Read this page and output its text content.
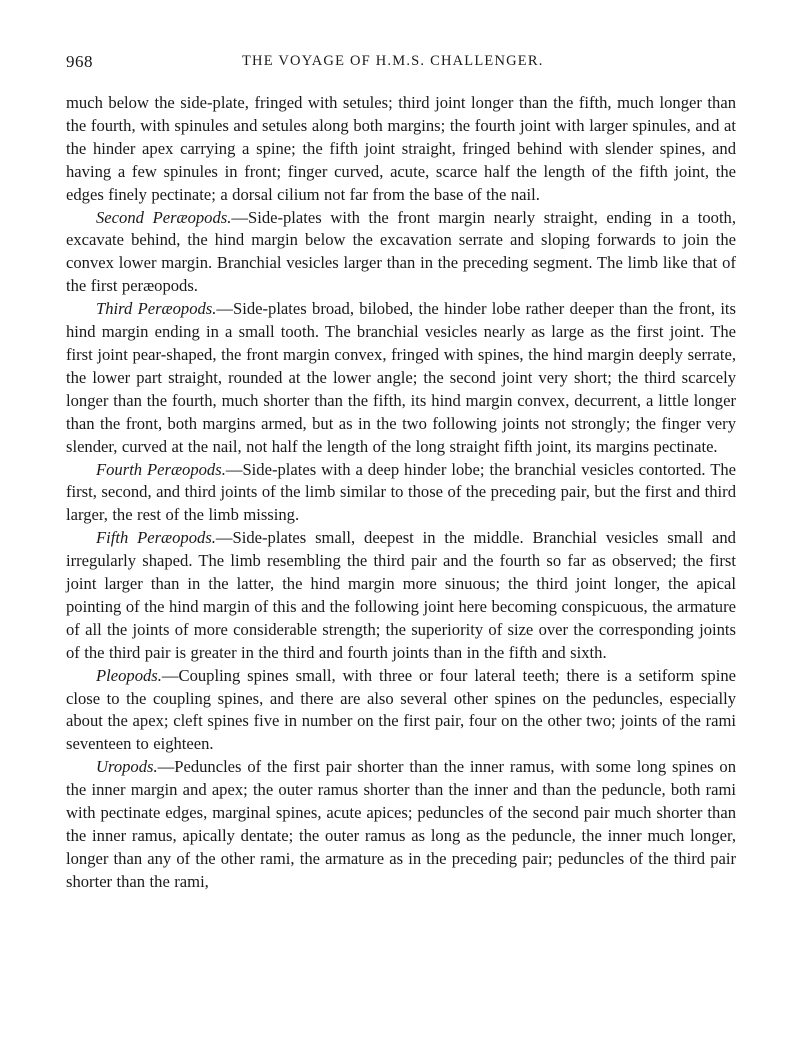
968	THE VOYAGE OF H.M.S. CHALLENGER.

much below the side-plate, fringed with setules; third joint longer than the fifth, much longer than the fourth, with spinules and setules along both margins; the fourth joint with larger spinules, and at the hinder apex carrying a spine; the fifth joint straight, fringed behind with slender spines, and having a few spinules in front; finger curved, acute, scarce half the length of the fifth joint, the edges finely pectinate; a dorsal cilium not far from the base of the nail.

Second Peræopods.—Side-plates with the front margin nearly straight, ending in a tooth, excavate behind, the hind margin below the excavation serrate and sloping forwards to join the convex lower margin. Branchial vesicles larger than in the preceding segment. The limb like that of the first peræopods.

Third Peræopods.—Side-plates broad, bilobed, the hinder lobe rather deeper than the front, its hind margin ending in a small tooth. The branchial vesicles nearly as large as the first joint. The first joint pear-shaped, the front margin convex, fringed with spines, the hind margin deeply serrate, the lower part straight, rounded at the lower angle; the second joint very short; the third scarcely longer than the fourth, much shorter than the fifth, its hind margin convex, decurrent, a little longer than the front, both margins armed, but as in the two following joints not strongly; the finger very slender, curved at the nail, not half the length of the long straight fifth joint, its margins pectinate.

Fourth Peræopods.—Side-plates with a deep hinder lobe; the branchial vesicles contorted. The first, second, and third joints of the limb similar to those of the preceding pair, but the first and third larger, the rest of the limb missing.

Fifth Peræopods.—Side-plates small, deepest in the middle. Branchial vesicles small and irregularly shaped. The limb resembling the third pair and the fourth so far as observed; the first joint larger than in the latter, the hind margin more sinuous; the third joint longer, the apical pointing of the hind margin of this and the following joint here becoming conspicuous, the armature of all the joints of more considerable strength; the superiority of size over the corresponding joints of the third pair is greater in the third and fourth joints than in the fifth and sixth.

Pleopods.—Coupling spines small, with three or four lateral teeth; there is a setiform spine close to the coupling spines, and there are also several other spines on the peduncles, especially about the apex; cleft spines five in number on the first pair, four on the other two; joints of the rami seventeen to eighteen.

Uropods.—Peduncles of the first pair shorter than the inner ramus, with some long spines on the inner margin and apex; the outer ramus shorter than the inner and than the peduncle, both rami with pectinate edges, marginal spines, acute apices; peduncles of the second pair much shorter than the inner ramus, apically dentate; the outer ramus as long as the peduncle, the inner much longer, longer than any of the other rami, the armature as in the preceding pair; peduncles of the third pair shorter than the rami,
